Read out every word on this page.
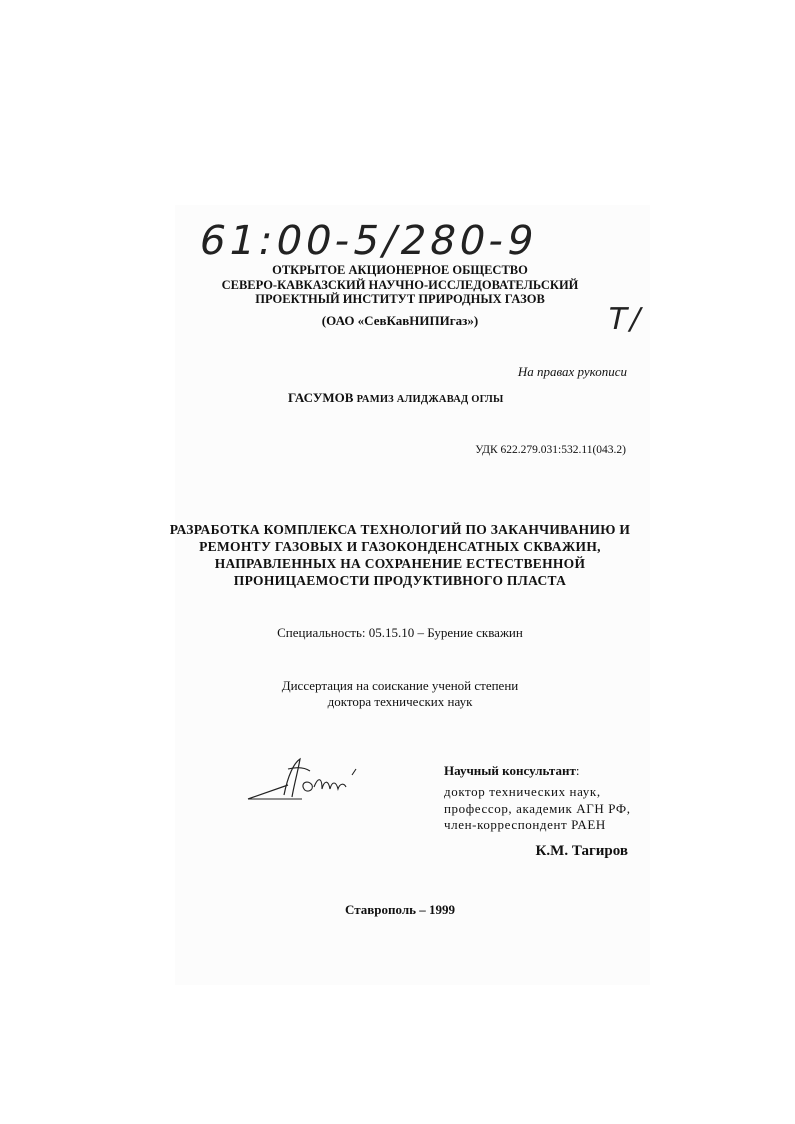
61:00-5/280-9
Т/
ОТКРЫТОЕ АКЦИОНЕРНОЕ ОБЩЕСТВО
СЕВЕРО-КАВКАЗСКИЙ НАУЧНО-ИССЛЕДОВАТЕЛЬСКИЙ
ПРОЕКТНЫЙ ИНСТИТУТ ПРИРОДНЫХ ГАЗОВ
(ОАО «СевКавНИПИгаз»)
На правах рукописи
ГАСУМОВ РАМИЗ АЛИДЖАВАД ОГЛЫ
УДК 622.279.031:532.11(043.2)
РАЗРАБОТКА КОМПЛЕКСА ТЕХНОЛОГИЙ ПО ЗАКАНЧИВАНИЮ И
РЕМОНТУ ГАЗОВЫХ И ГАЗОКОНДЕНСАТНЫХ СКВАЖИН,
НАПРАВЛЕННЫХ НА СОХРАНЕНИЕ ЕСТЕСТВЕННОЙ
ПРОНИЦАЕМОСТИ ПРОДУКТИВНОГО ПЛАСТА
Специальность: 05.15.10 – Бурение скважин
Диссертация на соискание ученой степени
доктора технических наук
Научный консультант:
доктор технических наук,
профессор, академик АГН РФ,
член-корреспондент РАЕН
К.М. Тагиров
Ставрополь – 1999
